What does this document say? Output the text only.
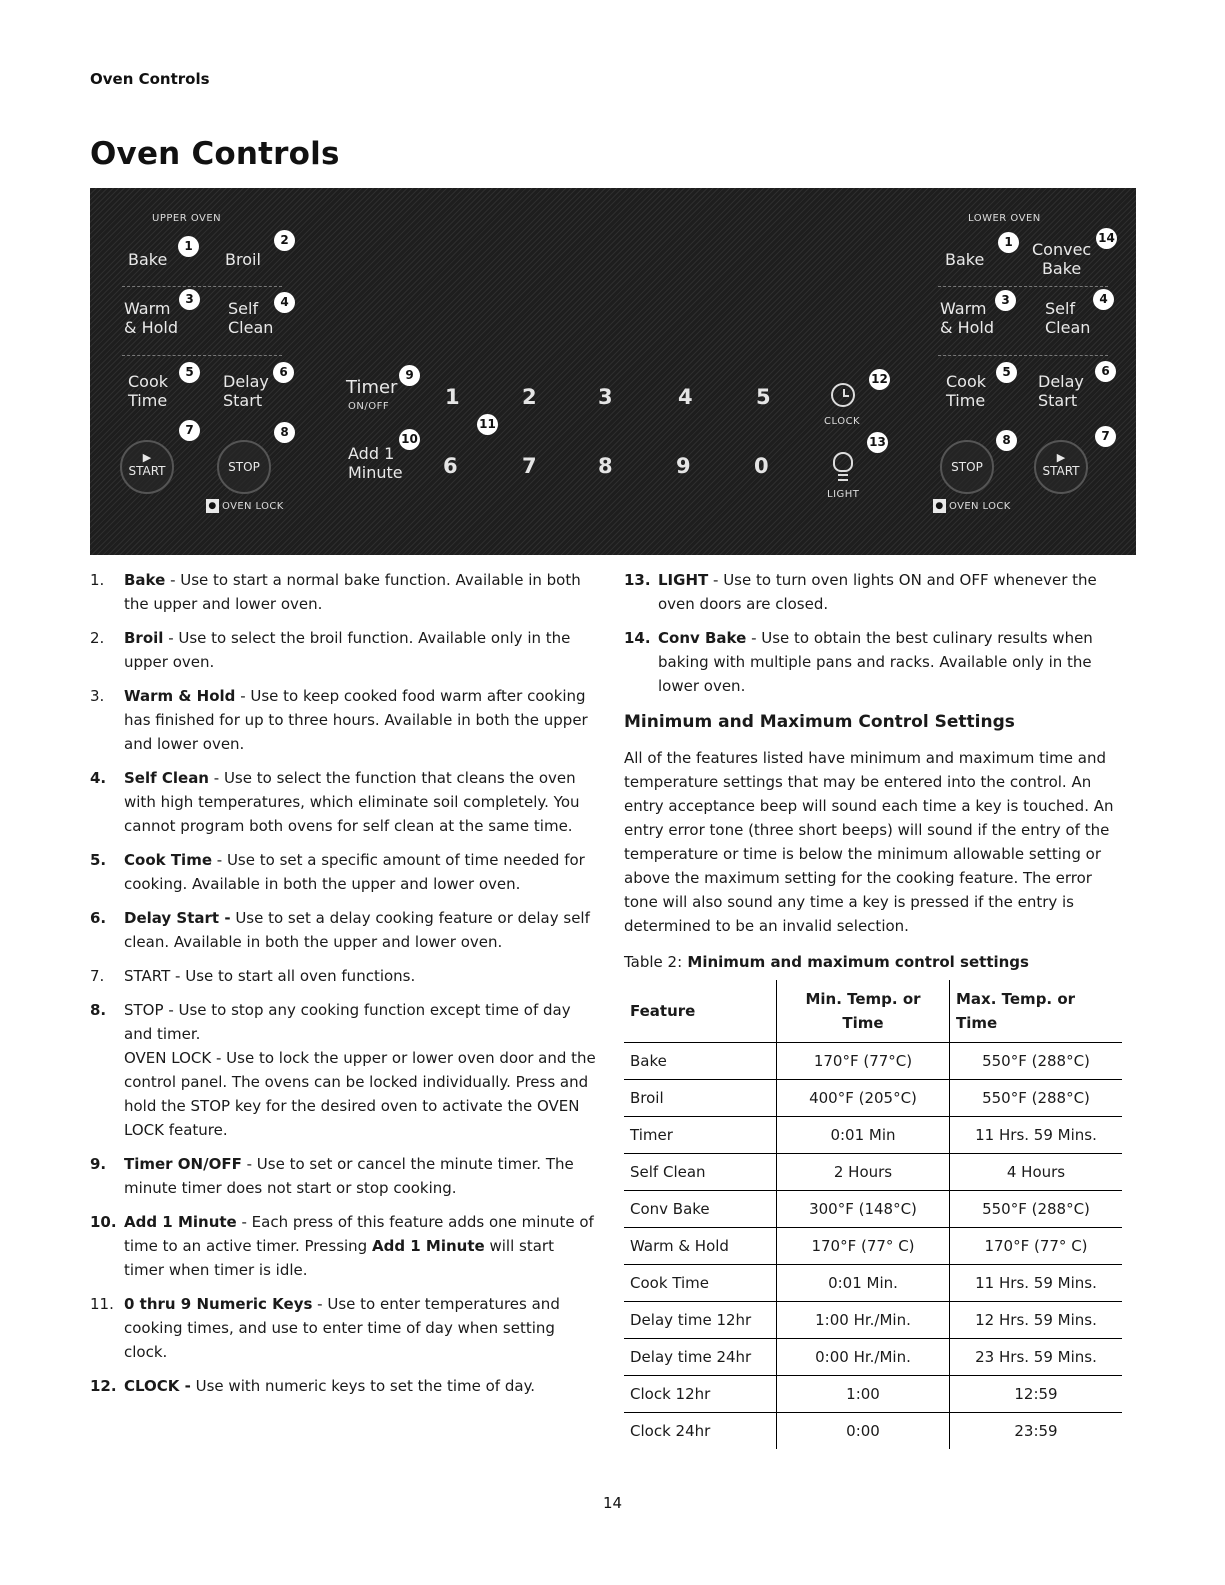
Oven Controls
Oven Controls
UPPER OVEN
Bake	Broil
Warm
& Hold
Self
Clean
Cook
Time
Delay
Start
▶
START	STOP
● OVEN LOCK
Timer
ON/OFF
Add 1
Minute
1	2	3	4	5
6	7	8	9	0
CLOCK
LIGHT
LOWER OVEN
Bake
Convec
Bake
Warm
& Hold
Self
Clean
Cook
Time
Delay
Start
STOP
▶
START
● OVEN LOCK
1	2
3	4
5	6
7	8
9
10
11
12
13
14
1
3	4
5	6
8	7
1. Bake - Use to start a normal bake function. Available in both the upper and lower oven.
2. Broil - Use to select the broil function. Available only in the upper oven.
3. Warm & Hold - Use to keep cooked food warm after cooking has finished for up to three hours. Available in both the upper and lower oven.
4. Self Clean - Use to select the function that cleans the oven with high temperatures, which eliminate soil completely. You cannot program both ovens for self clean at the same time.
5. Cook Time - Use to set a specific amount of time needed for cooking. Available in both the upper and lower oven.
6. Delay Start - Use to set a delay cooking feature or delay self clean. Available in both the upper and lower oven.
7. START - Use to start all oven functions.
8. STOP - Use to stop any cooking function except time of day and timer.
OVEN LOCK - Use to lock the upper or lower oven door and the control panel. The ovens can be locked individually. Press and hold the STOP key for the desired oven to activate the OVEN LOCK feature.
9. Timer ON/OFF - Use to set or cancel the minute timer. The minute timer does not start or stop cooking.
10. Add 1 Minute - Each press of this feature adds one minute of time to an active timer. Pressing Add 1 Minute will start timer when timer is idle.
11. 0 thru 9 Numeric Keys - Use to enter temperatures and cooking times, and use to enter time of day when setting clock.
12. CLOCK - Use with numeric keys to set the time of day.
13. LIGHT - Use to turn oven lights ON and OFF whenever the oven doors are closed.
14. Conv Bake - Use to obtain the best culinary results when baking with multiple pans and racks. Available only in the lower oven.
Minimum and Maximum Control Settings

All of the features listed have minimum and maximum time and temperature settings that may be entered into the control. An entry acceptance beep will sound each time a key is touched. An entry error tone (three short beeps) will sound if the entry of the temperature or time is below the minimum allowable setting or above the maximum setting for the cooking feature. The error tone will also sound any time a key is pressed if the entry is determined to be an invalid selection.

Table 2: Minimum and maximum control settings
Feature	Min. Temp. or Time	Max. Temp. or Time
Bake	170°F (77°C)	550°F (288°C)
Broil	400°F (205°C)	550°F (288°C)
Timer	0:01 Min	11 Hrs. 59 Mins.
Self Clean	2 Hours	4 Hours
Conv Bake	300°F (148°C)	550°F (288°C)
Warm & Hold	170°F (77° C)	170°F (77° C)
Cook Time	0:01 Min.	11 Hrs. 59 Mins.
Delay time 12hr	1:00 Hr./Min.	12 Hrs. 59 Mins.
Delay time 24hr	0:00 Hr./Min.	23 Hrs. 59 Mins.
Clock 12hr	1:00	12:59
Clock 24hr	0:00	23:59
14
